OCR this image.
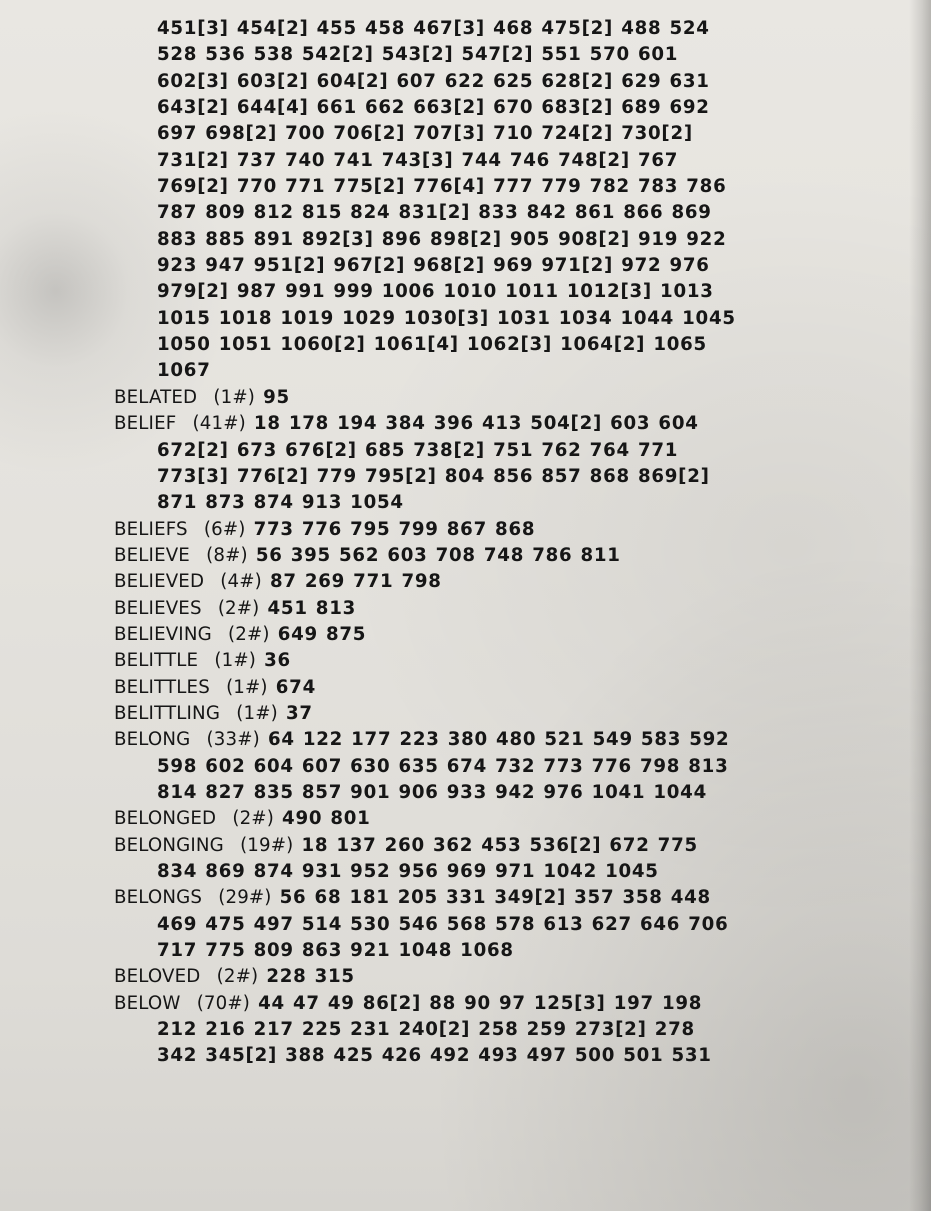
451[3] 454[2] 455 458 467[3] 468 475[2] 488 524
528 536 538 542[2] 543[2] 547[2] 551 570 601
602[3] 603[2] 604[2] 607 622 625 628[2] 629 631
643[2] 644[4] 661 662 663[2] 670 683[2] 689 692
697 698[2] 700 706[2] 707[3] 710 724[2] 730[2]
731[2] 737 740 741 743[3] 744 746 748[2] 767
769[2] 770 771 775[2] 776[4] 777 779 782 783 786
787 809 812 815 824 831[2] 833 842 861 866 869
883 885 891 892[3] 896 898[2] 905 908[2] 919 922
923 947 951[2] 967[2] 968[2] 969 971[2] 972 976
979[2] 987 991 999 1006 1010 1011 1012[3] 1013
1015 1018 1019 1029 1030[3] 1031 1034 1044 1045
1050 1051 1060[2] 1061[4] 1062[3] 1064[2] 1065
1067
BELATED (1#) 95
BELIEF (41#) 18 178 194 384 396 413 504[2] 603 604
672[2] 673 676[2] 685 738[2] 751 762 764 771
773[3] 776[2] 779 795[2] 804 856 857 868 869[2]
871 873 874 913 1054
BELIEFS (6#) 773 776 795 799 867 868
BELIEVE (8#) 56 395 562 603 708 748 786 811
BELIEVED (4#) 87 269 771 798
BELIEVES (2#) 451 813
BELIEVING (2#) 649 875
BELITTLE (1#) 36
BELITTLES (1#) 674
BELITTLING (1#) 37
BELONG (33#) 64 122 177 223 380 480 521 549 583 592
598 602 604 607 630 635 674 732 773 776 798 813
814 827 835 857 901 906 933 942 976 1041 1044
BELONGED (2#) 490 801
BELONGING (19#) 18 137 260 362 453 536[2] 672 775
834 869 874 931 952 956 969 971 1042 1045
BELONGS (29#) 56 68 181 205 331 349[2] 357 358 448
469 475 497 514 530 546 568 578 613 627 646 706
717 775 809 863 921 1048 1068
BELOVED (2#) 228 315
BELOW (70#) 44 47 49 86[2] 88 90 97 125[3] 197 198
212 216 217 225 231 240[2] 258 259 273[2] 278
342 345[2] 388 425 426 492 493 497 500 501 531
